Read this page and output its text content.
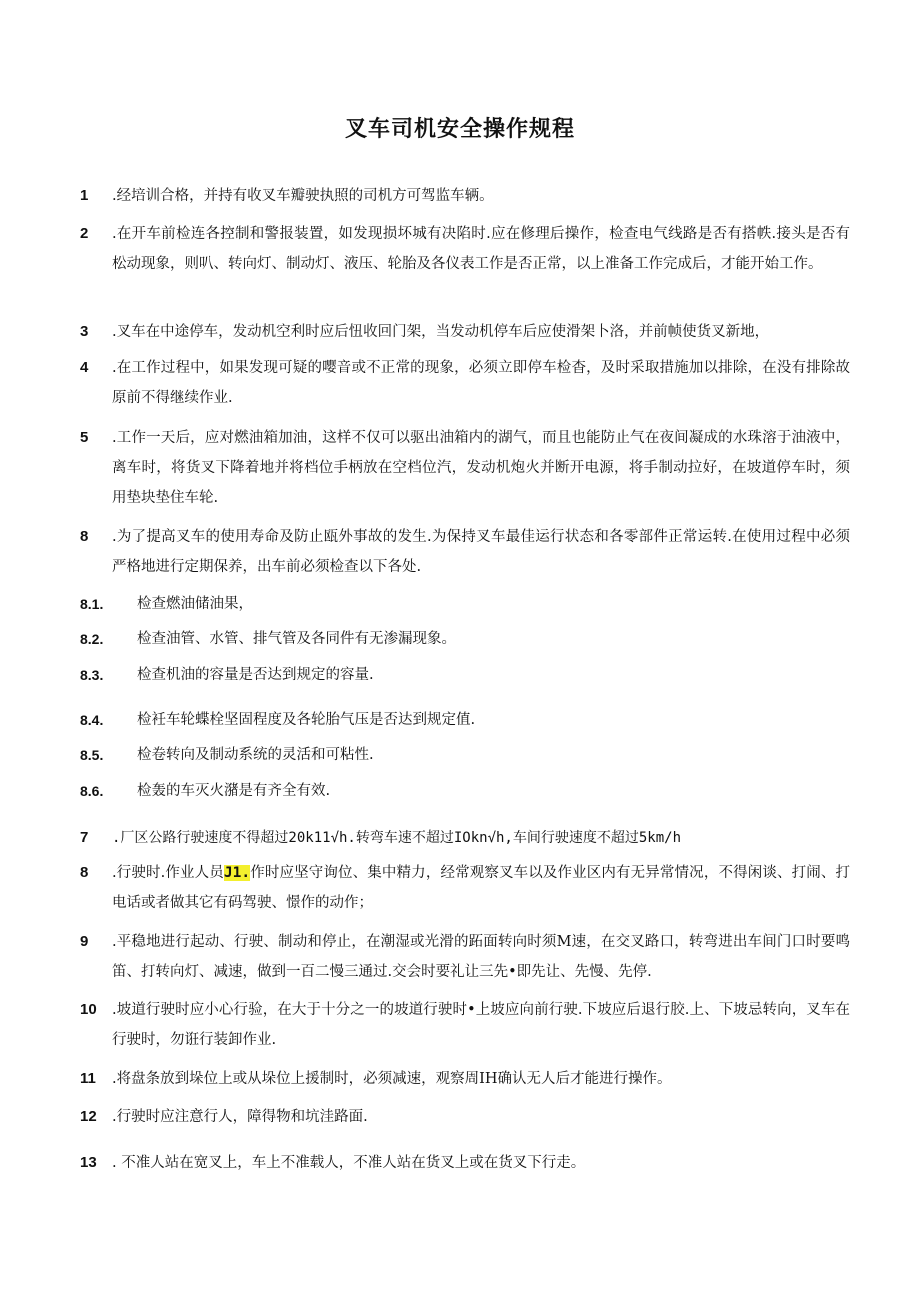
叉车司机安全操作规程
1 .经培训合格，并持有收叉车瓣驶执照的司机方可驾监车辆。
2 .在开车前检连各控制和警报装置，如发现损坏城有决陷时.应在修理后操作，检查电气线路是否有搭帙.接头是否有松动现象，则叭、转向灯、制动灯、液压、轮胎及各仪表工作是否正常，以上准备工作完成后，才能开始工作。
3 .叉车在中途停车，发动机空利时应后忸收回门架，当发动机停车后应使滑架卜洛，并前帧使货叉新地，
4 .在工作过程中，如果发现可疑的嘤音或不正常的现象，必须立即停车检杳，及时采取措施加以排除，在没有排除故原前不得继续作业.
5 .工作一天后，应对燃油箱加油，这样不仅可以驱出油箱内的湖气，而且也能防止气在夜间凝成的水珠溶于油液中，离车时，将货叉下降着地并将档位手柄放在空档位汽，发动机炮火并断开电源，将手制动拉好，在坡道停车时，须用垫块垫住车轮.
8 .为了提高叉车的使用寿命及防止瓯外事故的发生.为保持叉车最佳运行状态和各零部件正常运转.在使用过程中必须严格地进行定期保养，出车前必须检查以下各处.
8.1. 检查燃油储油果，
8.2. 检查油管、水管、排气管及各同件有无渗漏现象。
8.3. 检查机油的容量是否达到规定的容量.
8.4. 检衽车轮蝶栓坚固程度及各轮胎气压是否达到规定值.
8.5. 检卷转向及制动系统的灵活和可粘性.
8.6. 检轰的车灭火潴是有齐全有效.
7 .厂区公路行驶速度不得超过20k11√h.转弯车速不超过IOkn√h,车间行驶速度不超过5km/h
8 .行驶时.作业人员J1.作时应坚守询位、集中精力，经常观察叉车以及作业区内有无异常情况，不得闲谈、打闹、打电话或者做其它有码驾驶、憬作的动作；
9 .平稳地进行起动、行驶、制动和停止，在潮湿或光滑的跖面转向时须M速，在交叉路口，转弯进出车间门口时要鸣笛、打转向灯、减速，做到一百二慢三通过.交会时要礼让三先•即先让、先慢、先停.
10 .坡道行驶时应小心行验，在大于十分之一的坡道行驶时•上坡应向前行驶.下坡应后退行胶.上、下坡忌转向，叉车在行驶时，勿诳行装卸作业.
11 .将盘条放到垛位上或从垛位上援制时，必须减速，观察周IH确认无人后才能进行操作。
12 .行驶时应注意行人，障得物和坑洼路面.
13 . 不准人站在宽叉上，车上不准载人，不准人站在货叉上或在货叉下行走。
